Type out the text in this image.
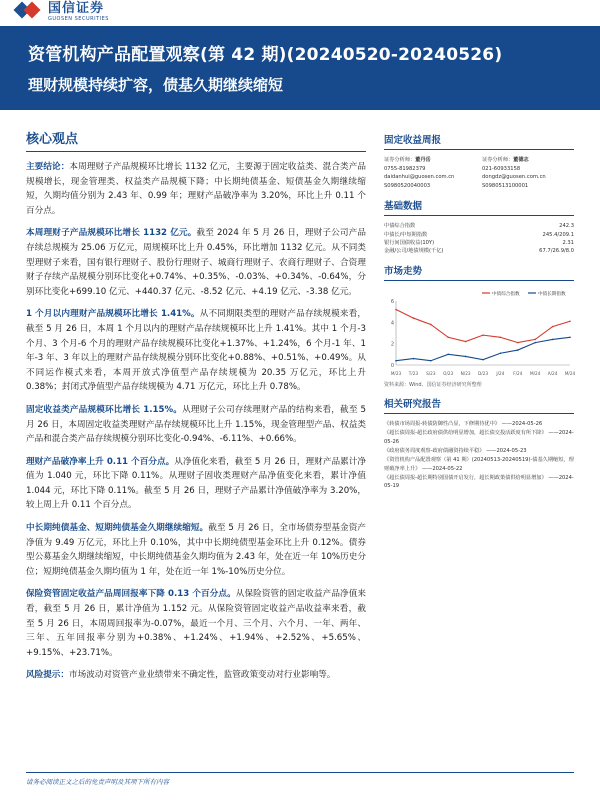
国信证券
GUOSEN SECURITIES
资管机构产品配置观察(第 42 期)(20240520-20240526)
理财规模持续扩容，债基久期继续缩短
核心观点

主要结论：本周理财子产品规模环比增长 1132 亿元，主要源于固定收益类、混合类产品规模增长，现金管理类、权益类产品规模下降；中长期纯债基金、短债基金久期继续缩短，久期均值分别为 2.43 年、0.99 年；理财产品破净率为 3.20%，环比上升 0.11 个百分点。

本周理财子产品规模环比增长 1132 亿元。截至 2024 年 5 月 26 日，理财子公司产品存续总规模为 25.06 万亿元，周规模环比上升 0.45%，环比增加 1132 亿元。从不同类型理财子来看，国有银行理财子、股份行理财子、城商行理财子、农商行理财子、合资理财子存续产品规模分别环比变化+0.74%、+0.35%、-0.03%、+0.34%、-0.64%，分别环比变化+699.10 亿元、+440.37 亿元、-8.52 亿元、+4.19 亿元、-3.38 亿元。

1 个月以内理财产品规模环比增长 1.41%。从不同期限类型的理财产品存续规模来看，截至 5 月 26 日，本周 1 个月以内的理财产品存续规模环比上升 1.41%。其中 1 个月-3 个月、3 个月-6 个月的理财产品存续规模环比变化+1.37%、+1.24%，6 个月-1 年、1 年-3 年、3 年以上的理财产品存续规模分别环比变化+0.88%、+0.51%、+0.49%。从不同运作模式来看，本周开放式净值型产品存续规模为 20.35 万亿元，环比上升 0.38%；封闭式净值型产品存续规模为 4.71 万亿元，环比上升 0.78%。

固定收益类产品规模环比增长 1.15%。从理财子公司存续理财产品的结构来看，截至 5 月 26 日，本周固定收益类理财产品存续规模环比上升 1.15%，现金管理型产品、权益类产品和混合类产品存续规模分别环比变化-0.94%、-6.11%、+0.66%。

理财产品破净率上升 0.11 个百分点。从净值化来看，截至 5 月 26 日，理财产品累计净值为 1.040 元，环比下降 0.11%。从理财子固收类理财产品净值变化来看，累计净值 1.044 元，环比下降 0.11%。截至 5 月 26 日，理财子产品累计净值破净率为 3.20%，较上周上升 0.11 个百分点。

中长期纯债基金、短期纯债基金久期继续缩短。截至 5 月 26 日，全市场债券型基金资产净值为 9.49 万亿元，环比上升 0.10%，其中中长期纯债型基金环比上升 0.12%。债券型公募基金久期继续缩短，中长期纯债基金久期均值为 2.43 年，处在近一年 10%历史分位；短期纯债基金久期均值为 1 年，处在近一年 1%-10%历史分位。

保险资管固定收益产品周回报率下降 0.13 个百分点。从保险资管的固定收益产品净值来看，截至 5 月 26 日，累计净值为 1.152 元。从保险资管固定收益产品收益率来看，截至 5 月 26 日，本周周回报率为-0.07%，最近一个月、三个月、六个月、一年、两年、三年、五年回报率分别为+0.38%、+1.24%、+1.94%、+2.52%、+5.65%、+9.15%、+23.71%。

风险提示：市场波动对资管产业业绩带来不确定性，监管政策变动对行业影响等。

固定收益周报
证券分析师：董丹岳
0755-81982379
daidanhui@guosen.com.cn
S0980520040003
证券分析师：董德志
021-60933158
dongdz@guosen.com.cn
S0980513100001
基础数据
中债综合指数	242.3
中债长/中短期指数	245.4/209.1
银行间国债收益(10Y)	2.31
金融/公司/地债规模(千亿)	67.7/26.9/8.0
市场走势
0
2
4
6
M/23 T/23 S/23 O/23 N/23 D/23 J/24 F/24 M/24 A/24 M/24
中债综合指数	中债长期指数
资料来源：Wind、国信证券经济研究所整理
相关研究报告
《转债市场周报-转债防御性凸显，下修期待优中》 ——2024-05-26
《超长债周报-超长政府债供给明显增加，超长债交投活跃度有所下降》 ——2024-05-26
《政府债务周度观察-政府债融资持续平稳》 ——2024-05-23
《资管机构产品配置观察（第 41 期）(20240513-20240519)-债基久期缩短，理财破净率上升》 ——2024-05-22
《超长债周报-超长期特别国债开启发行，超长期政策债供给明显增加》 ——2024-05-19
请务必阅读正文之后的免责声明及其项下所有内容
